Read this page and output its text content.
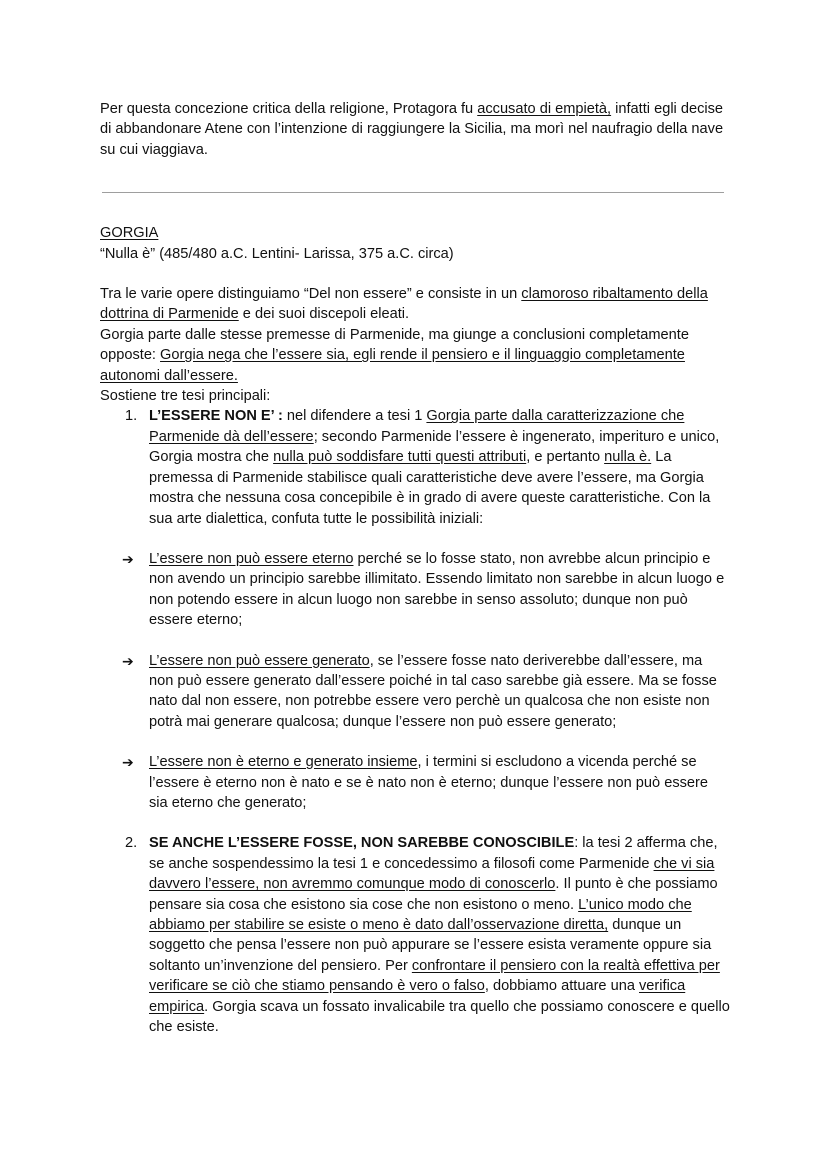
Per questa concezione critica della religione, Protagora fu accusato di empietà, infatti egli decise di abbandonare Atene con l’intenzione di raggiungere la Sicilia, ma morì nel naufragio della nave su cui viaggiava.

GORGIA

“Nulla è” (485/480 a.C. Lentini- Larissa, 375 a.C. circa)

Tra le varie opere distinguiamo “Del non essere” e consiste in un clamoroso ribaltamento della dottrina di Parmenide e dei suoi discepoli eleati.

Gorgia parte dalle stesse premesse di Parmenide, ma giunge a conclusioni completamente opposte: Gorgia nega che l’essere sia, egli rende il pensiero e il linguaggio completamente autonomi dall’essere.

Sostiene tre tesi principali:

1. L’ESSERE NON E’ : nel difendere a tesi 1 Gorgia parte dalla caratterizzazione che Parmenide dà dell’essere; secondo Parmenide l’essere è ingenerato, imperituro e unico, Gorgia mostra che nulla può soddisfare tutti questi attributi, e pertanto nulla è. La premessa di Parmenide stabilisce quali caratteristiche deve avere l’essere, ma Gorgia mostra che nessuna cosa concepibile è in grado di avere queste caratteristiche. Con la sua arte dialettica, confuta tutte le possibilità iniziali:
➔ L’essere non può essere eterno perché se lo fosse stato, non avrebbe alcun principio e non avendo un principio sarebbe illimitato. Essendo limitato non sarebbe in alcun luogo e non potendo essere in alcun luogo non sarebbe in senso assoluto; dunque non può essere eterno;
➔ L’essere non può essere generato, se l’essere fosse nato deriverebbe dall’essere, ma non può essere generato dall’essere poiché in tal caso sarebbe già essere. Ma se fosse nato dal non essere, non potrebbe essere vero perchè un qualcosa che non esiste non potrà mai generare qualcosa; dunque l’essere non può essere generato;
➔ L’essere non è eterno e generato insieme, i termini si escludono a vicenda perché se l’essere è eterno non è nato e se è nato non è eterno; dunque l’essere non può essere sia eterno che generato;
2. SE ANCHE L’ESSERE FOSSE, NON SAREBBE CONOSCIBILE: la tesi 2 afferma che, se anche sospendessimo la tesi 1 e concedessimo a filosofi come Parmenide che vi sia davvero l’essere, non avremmo comunque modo di conoscerlo. Il punto è che possiamo pensare sia cosa che esistono sia cose che non esistono o meno. L’unico modo che abbiamo per stabilire se esiste o meno è dato dall’osservazione diretta, dunque un soggetto che pensa l’essere non può appurare se l’essere esista veramente oppure sia soltanto un’invenzione del pensiero. Per confrontare il pensiero con la realtà effettiva per verificare se ciò che stiamo pensando è vero o falso, dobbiamo attuare una verifica empirica. Gorgia scava un fossato invalicabile tra quello che possiamo conoscere e quello che esiste.
